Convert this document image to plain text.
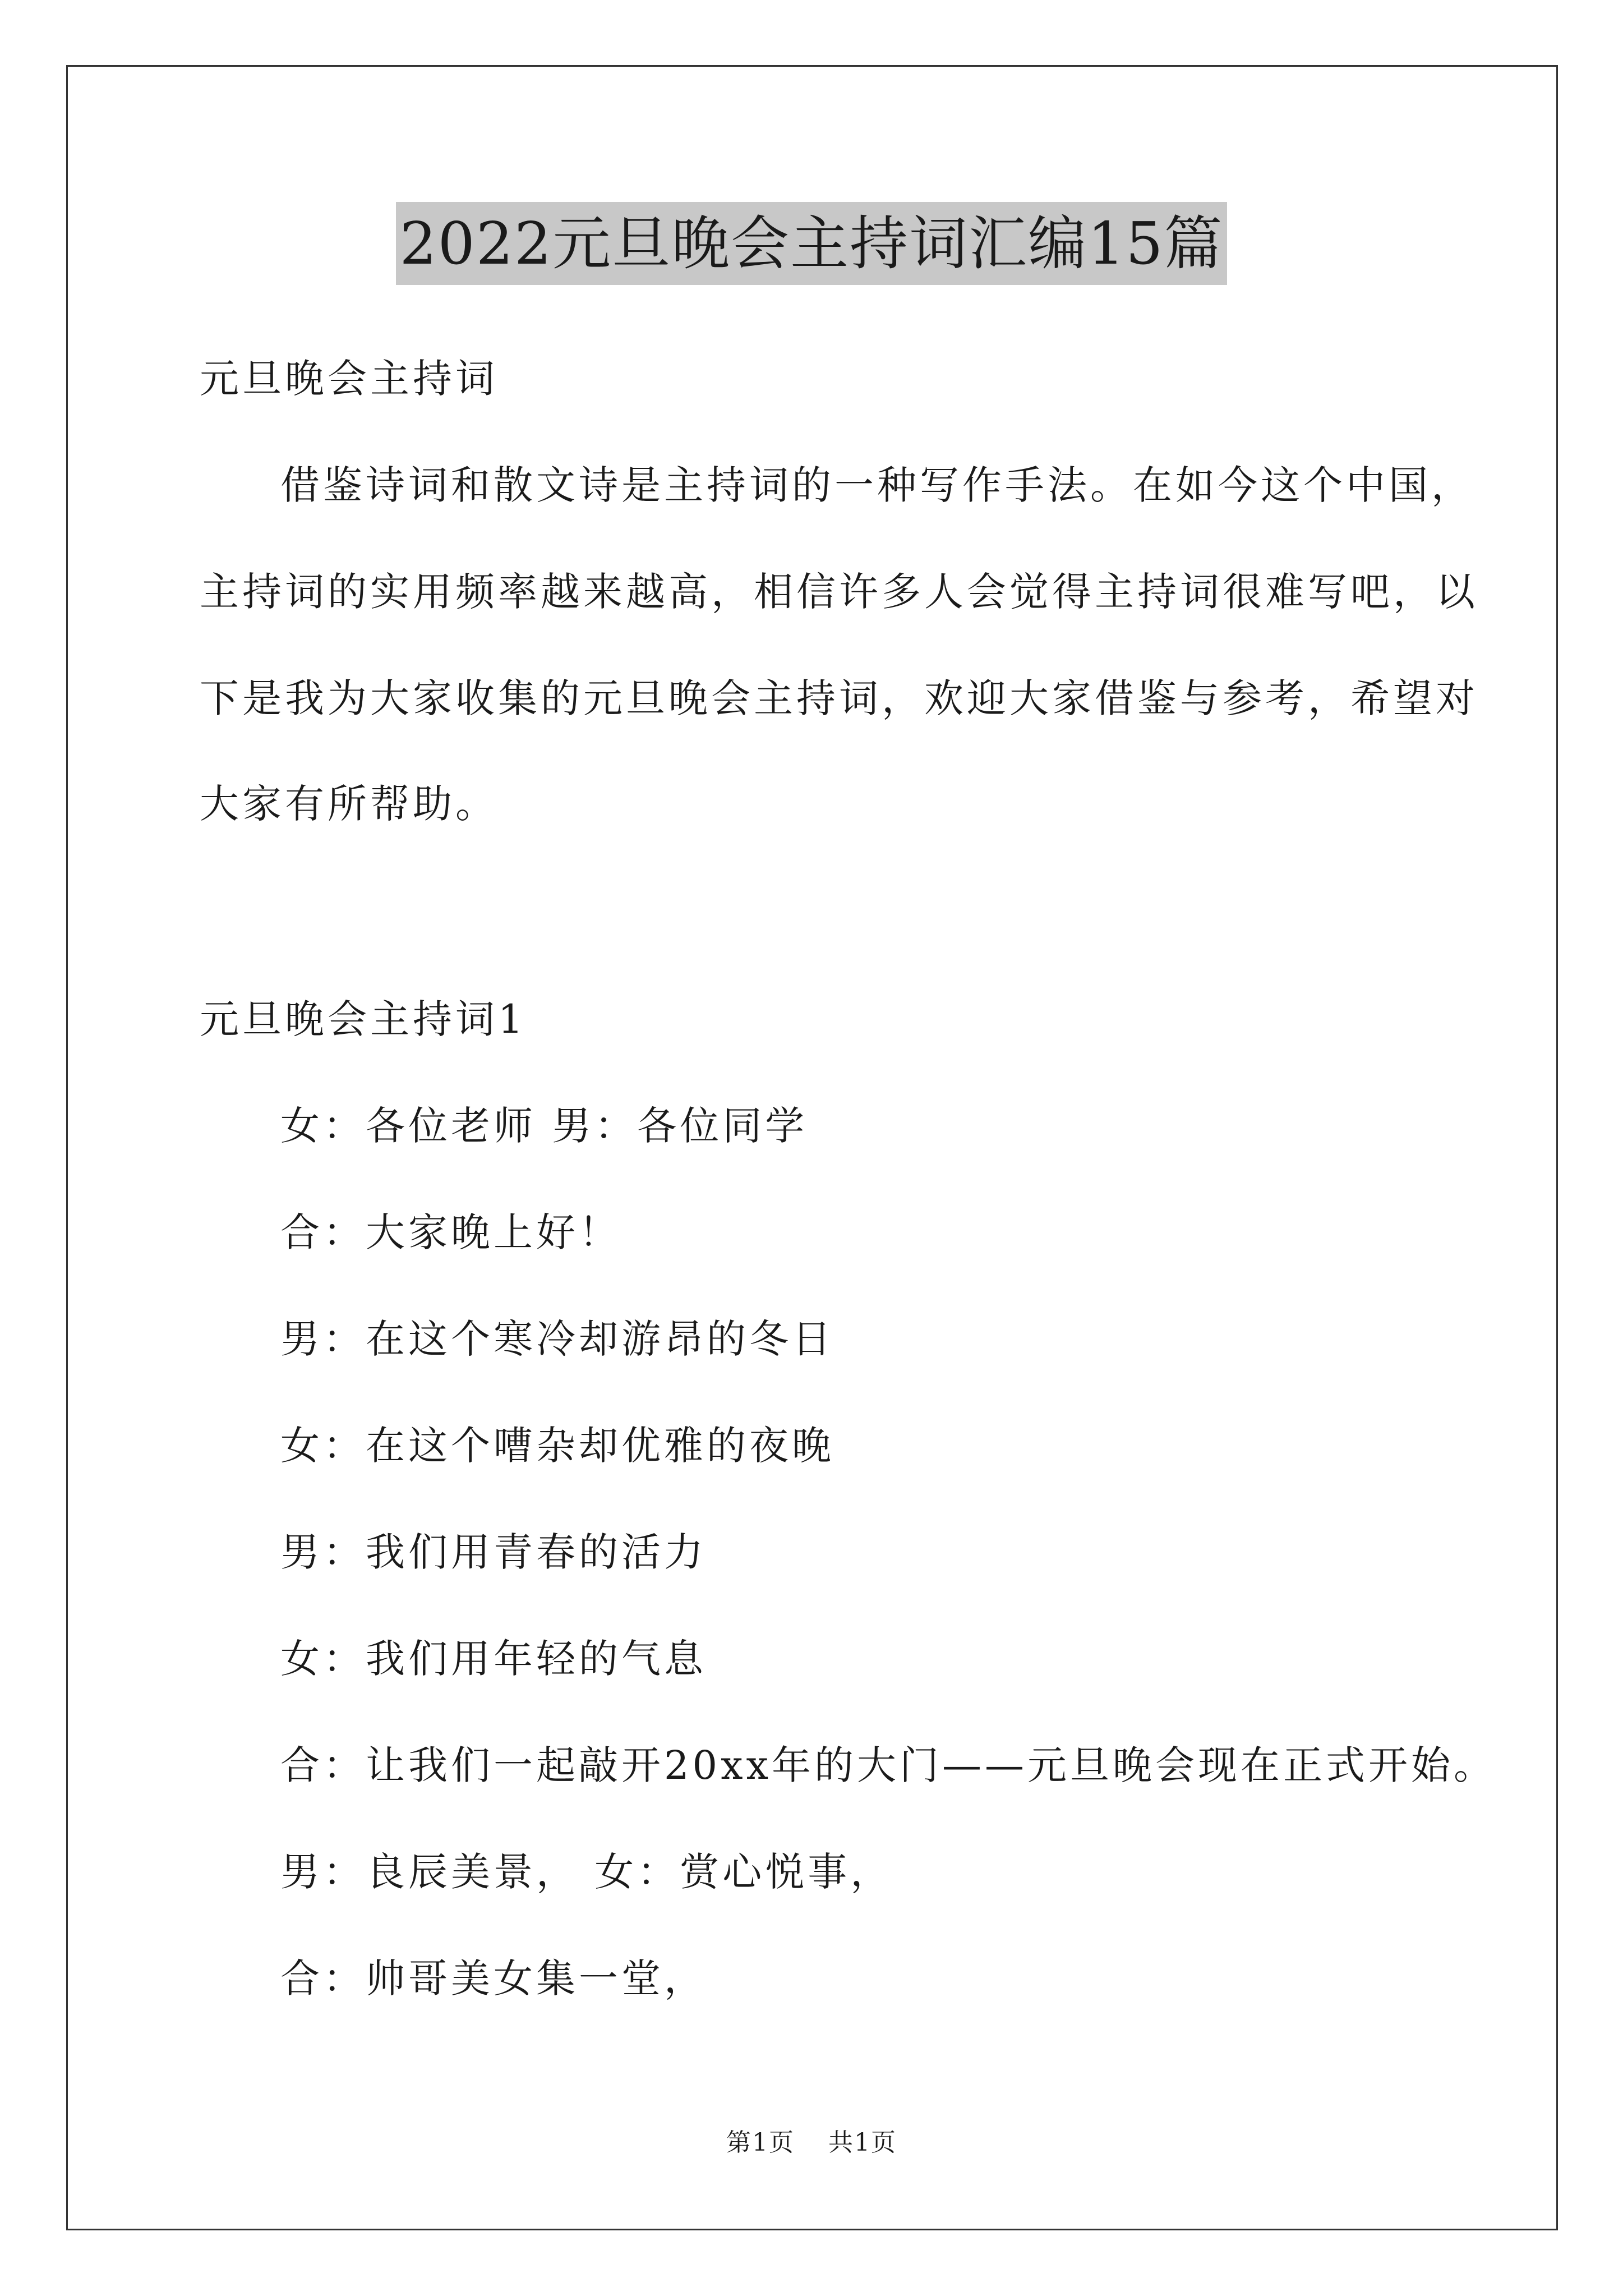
2022元旦晚会主持词汇编15篇
元旦晚会主持词
借鉴诗词和散文诗是主持词的一种写作手法。在如今这个中国，
主持词的实用频率越来越高，相信许多人会觉得主持词很难写吧，以
下是我为大家收集的元旦晚会主持词，欢迎大家借鉴与参考，希望对
大家有所帮助。
元旦晚会主持词1
女：各位老师 男：各位同学
合：大家晚上好！
男：在这个寒冷却游昂的冬日
女：在这个嘈杂却优雅的夜晚
男：我们用青春的活力
女：我们用年轻的气息
合：让我们一起敲开20xx年的大门——元旦晚会现在正式开始。
男：良辰美景， 女：赏心悦事，
合：帅哥美女集一堂，
第1页 共1页
